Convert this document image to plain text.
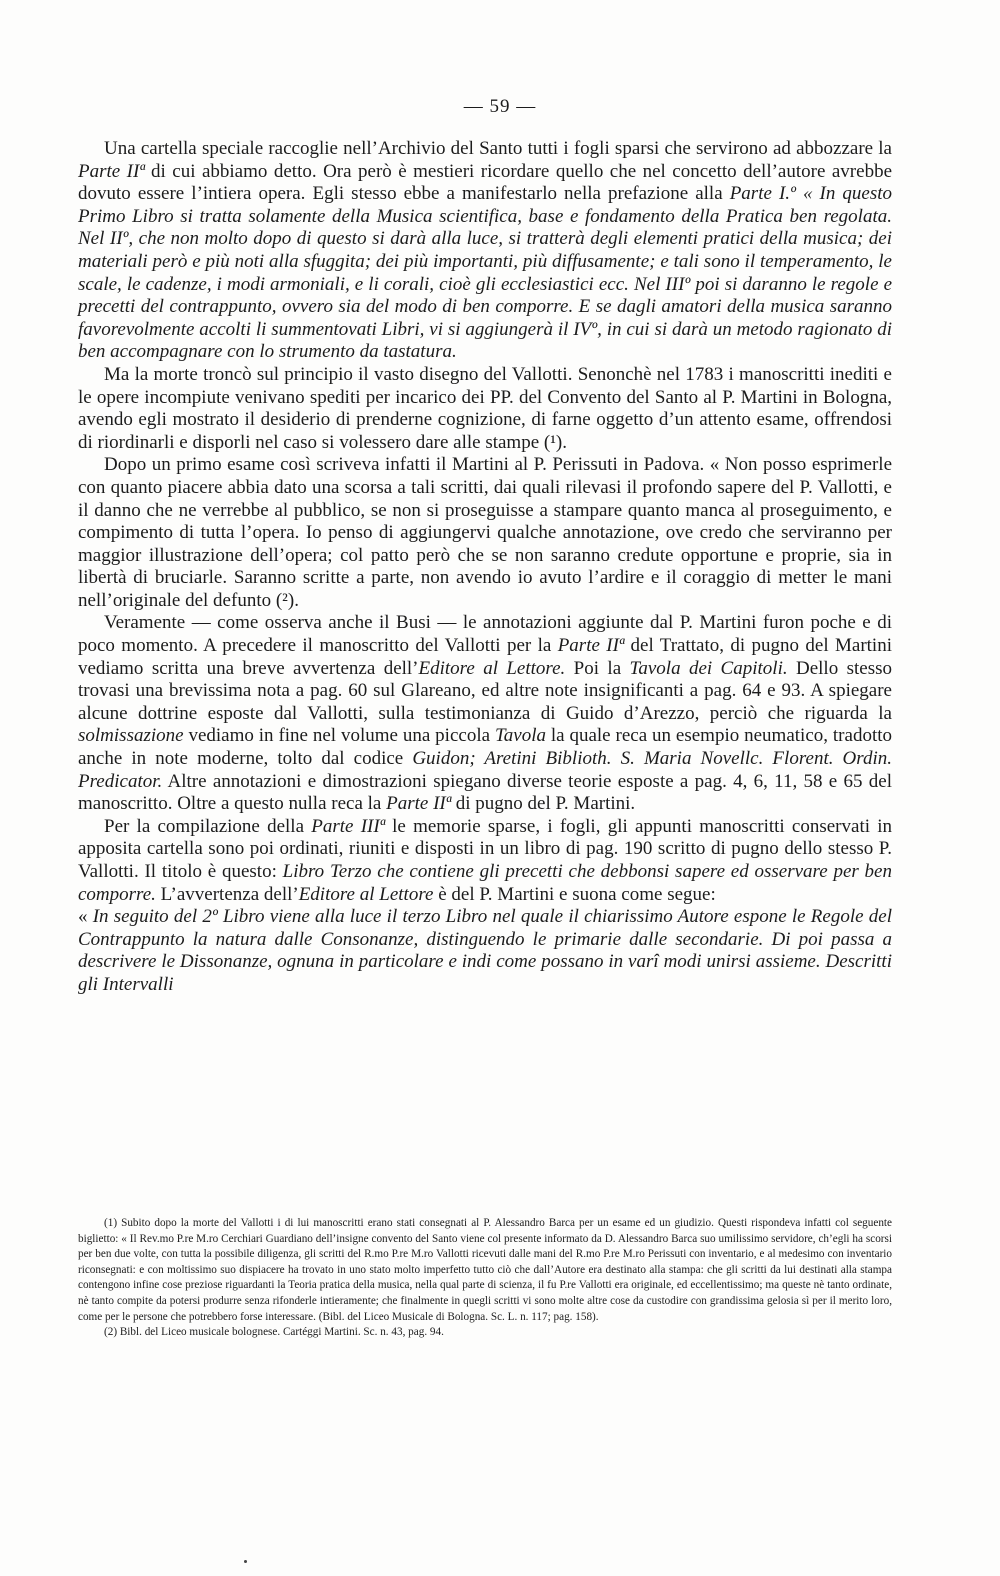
— 59 —

Una cartella speciale raccoglie nell’Archivio del Santo tutti i fogli sparsi che servirono ad abbozzare la Parte IIª di cui abbiamo detto. Ora però è mestieri ricordare quello che nel concetto dell’autore avrebbe dovuto essere l’intiera opera. Egli stesso ebbe a manifestarlo nella prefazione alla Parte I.º « In questo Primo Libro si tratta solamente della Musica scientifica, base e fondamento della Pratica ben regolata. Nel IIº, che non molto dopo di questo si darà alla luce, si tratterà degli elementi pratici della musica; dei materiali però e più noti alla sfuggita; dei più importanti, più diffusamente; e tali sono il temperamento, le scale, le cadenze, i modi armoniali, e li corali, cioè gli ecclesiastici ecc. Nel IIIº poi si daranno le regole e precetti del contrappunto, ovvero sia del modo di ben comporre. E se dagli amatori della musica saranno favorevolmente accolti li summentovati Libri, vi si aggiungerà il IVº, in cui si darà un metodo ragionato di ben accompagnare con lo strumento da tastatura.

Ma la morte troncò sul principio il vasto disegno del Vallotti. Senonchè nel 1783 i manoscritti inediti e le opere incompiute venivano spediti per incarico dei PP. del Convento del Santo al P. Martini in Bologna, avendo egli mostrato il desiderio di prenderne cognizione, di farne oggetto d’un attento esame, offrendosi di riordinarli e disporli nel caso si volessero dare alle stampe (¹).

Dopo un primo esame così scriveva infatti il Martini al P. Perissuti in Padova. « Non posso esprimerle con quanto piacere abbia dato una scorsa a tali scritti, dai quali rilevasi il profondo sapere del P. Vallotti, e il danno che ne verrebbe al pubblico, se non si proseguisse a stampare quanto manca al proseguimento, e compimento di tutta l’opera. Io penso di aggiungervi qualche annotazione, ove credo che serviranno per maggior illustrazione dell’opera; col patto però che se non saranno credute opportune e proprie, sia in libertà di bruciarle. Saranno scritte a parte, non avendo io avuto l’ardire e il coraggio di metter le mani nell’originale del defunto (²).

Veramente — come osserva anche il Busi — le annotazioni aggiunte dal P. Martini furon poche e di poco momento. A precedere il manoscritto del Vallotti per la Parte IIª del Trattato, di pugno del Martini vediamo scritta una breve avvertenza dell’Editore al Lettore. Poi la Tavola dei Capitoli. Dello stesso trovasi una brevissima nota a pag. 60 sul Glareano, ed altre note insignificanti a pag. 64 e 93. A spiegare alcune dottrine esposte dal Vallotti, sulla testimonianza di Guido d’Arezzo, perciò che riguarda la solmissazione vediamo in fine nel volume una piccola Tavola la quale reca un esempio neumatico, tradotto anche in note moderne, tolto dal codice Guidon; Aretini Biblioth. S. Maria Novellc. Florent. Ordin. Predicator. Altre annotazioni e dimostrazioni spiegano diverse teorie esposte a pag. 4, 6, 11, 58 e 65 del manoscritto. Oltre a questo nulla reca la Parte IIª di pugno del P. Martini.

Per la compilazione della Parte IIIª le memorie sparse, i fogli, gli appunti manoscritti conservati in apposita cartella sono poi ordinati, riuniti e disposti in un libro di pag. 190 scritto di pugno dello stesso P. Vallotti. Il titolo è questo: Libro Terzo che contiene gli precetti che debbonsi sapere ed osservare per ben comporre. L’avvertenza dell’Editore al Lettore è del P. Martini e suona come segue:

« In seguito del 2º Libro viene alla luce il terzo Libro nel quale il chiarissimo Autore espone le Regole del Contrappunto la natura dalle Consonanze, distinguendo le primarie dalle secondarie. Di poi passa a descrivere le Dissonanze, ognuna in particolare e indi come possano in varî modi unirsi assieme. Descritti gli Intervalli

(1) Subito dopo la morte del Vallotti i di lui manoscritti erano stati consegnati al P. Alessandro Barca per un esame ed un giudizio. Questi rispondeva infatti col seguente biglietto: « Il Rev.mo P.re M.ro Cerchiari Guardiano dell’insigne convento del Santo viene col presente informato da D. Alessandro Barca suo umilissimo servidore, ch’egli ha scorsi per ben due volte, con tutta la possibile diligenza, gli scritti del R.mo P.re M.ro Vallotti ricevuti dalle mani del R.mo P.re M.ro Perissuti con inventario, e al medesimo con inventario riconsegnati: e con moltissimo suo dispiacere ha trovato in uno stato molto imperfetto tutto ciò che dall’Autore era destinato alla stampa: che gli scritti da lui destinati alla stampa contengono infine cose preziose riguardanti la Teoria pratica della musica, nella qual parte di scienza, il fu P.re Vallotti era originale, ed eccellentissimo; ma queste nè tanto ordinate, nè tanto compite da potersi produrre senza rifonderle intieramente; che finalmente in quegli scritti vi sono molte altre cose da custodire con grandissima gelosia sì per il merito loro, come per le persone che potrebbero forse interessare. (Bibl. del Liceo Musicale di Bologna. Sc. L. n. 117; pag. 158).

(2) Bibl. del Liceo musicale bolognese. Cartéggi Martini. Sc. n. 43, pag. 94.
